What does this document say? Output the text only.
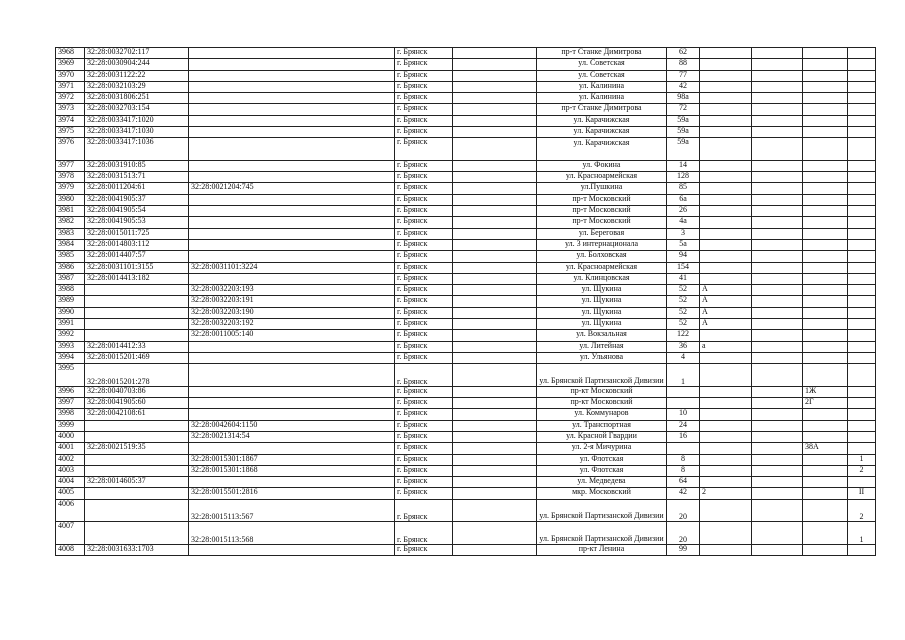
3968	32:28:0032702:117		г. Брянск		пр-т Станке Димитрова	62				
3969	32:28:0030904:244		г. Брянск		ул. Советская	88				
3970	32:28:0031122:22		г. Брянск		ул. Советская	77				
3971	32:28:0032103:29		г. Брянск		ул. Калинина	42				
3972	32:28:0031806:251		г. Брянск		ул. Калинина	98а				
3973	32:28:0032703:154		г. Брянск		пр-т Станке Димитрова	72				
3974	32:28:0033417:1020		г. Брянск		ул. Карачижская	59а				
3975	32:28:0033417:1030		г. Брянск		ул. Карачижская	59а				
3976	32:28:0033417:1036		г. Брянск		ул. Карачижская	59а				
3977	32:28:0031910:85		г. Брянск		ул. Фокина	14				
3978	32:28:0031513:71		г. Брянск		ул. Красноармейская	128				
3979	32:28:0011204:61	32:28:0021204:745	г. Брянск		ул.Пушкина	85				
3980	32:28:0041905:37		г. Брянск		пр-т Московский	6а				
3981	32:28:0041905:54		г. Брянск		пр-т Московский	26				
3982	32:28:0041905:53		г. Брянск		пр-т Московский	4а				
3983	32:28:0015011:725		г. Брянск		ул. Береговая	3				
3984	32:28:0014803:112		г. Брянск		ул. 3 интернационала	5а				
3985	32:28:0014407:57		г. Брянск		ул. Болховская	94				
3986	32:28:0031101:3155	32:28:0031101:3224	г. Брянск		ул. Красноармейская	154				
3987	32:28:0014413:182		г. Брянск		ул. Клинцовская	41				
3988		32:28:0032203:193	г. Брянск		ул. Щукина	52	А			
3989		32:28:0032203:191	г. Брянск		ул. Щукина	52	А			
3990		32:28:0032203:190	г. Брянск		ул. Щукина	52	А			
3991		32:28:0032203:192	г. Брянск		ул. Щукина	52	А			
3992		32:28:0011005:140	г. Брянск		ул. Вокзальная	122				
3993	32:28:0014412:33		г. Брянск		ул. Литейная	36	а			
3994	32:28:0015201:469		г. Брянск		ул. Ульянова	4				
3995	32:28:0015201:278		г. Брянск		ул. Брянской Партизанской Дивизии	1				
3996	32:28:0040703:86		г. Брянск		пр-кт Московский				1Ж	
3997	32:28:0041905:60		г. Брянск		пр-кт Московский				2Г	
3998	32:28:0042108:61		г. Брянск		ул. Коммунаров	10				
3999		32:28:0042604:1150	г. Брянск		ул. Транспортная	24				
4000		32:28:0021314:54	г. Брянск		ул. Красной Гвардии	16				
4001	32:28:0021519:35		г. Брянск		ул. 2-я Мичурина				38А	
4002		32:28:0015301:1867	г. Брянск		ул. Флотская	8				1
4003		32:28:0015301:1868	г. Брянск		ул. Флотская	8				2
4004	32:28:0014605:37		г. Брянск		ул. Медведева	64				
4005		32:28:0015501:2816	г. Брянск		мкр. Московский	42	2			II
4006		32:28:0015113:567	г. Брянск		ул. Брянской Партизанской Дивизии	20				2
4007		32:28:0015113:568	г. Брянск		ул. Брянской Партизанской Дивизии	20				1
4008	32:28:0031633:1703		г. Брянск		пр-кт Ленина	99				
